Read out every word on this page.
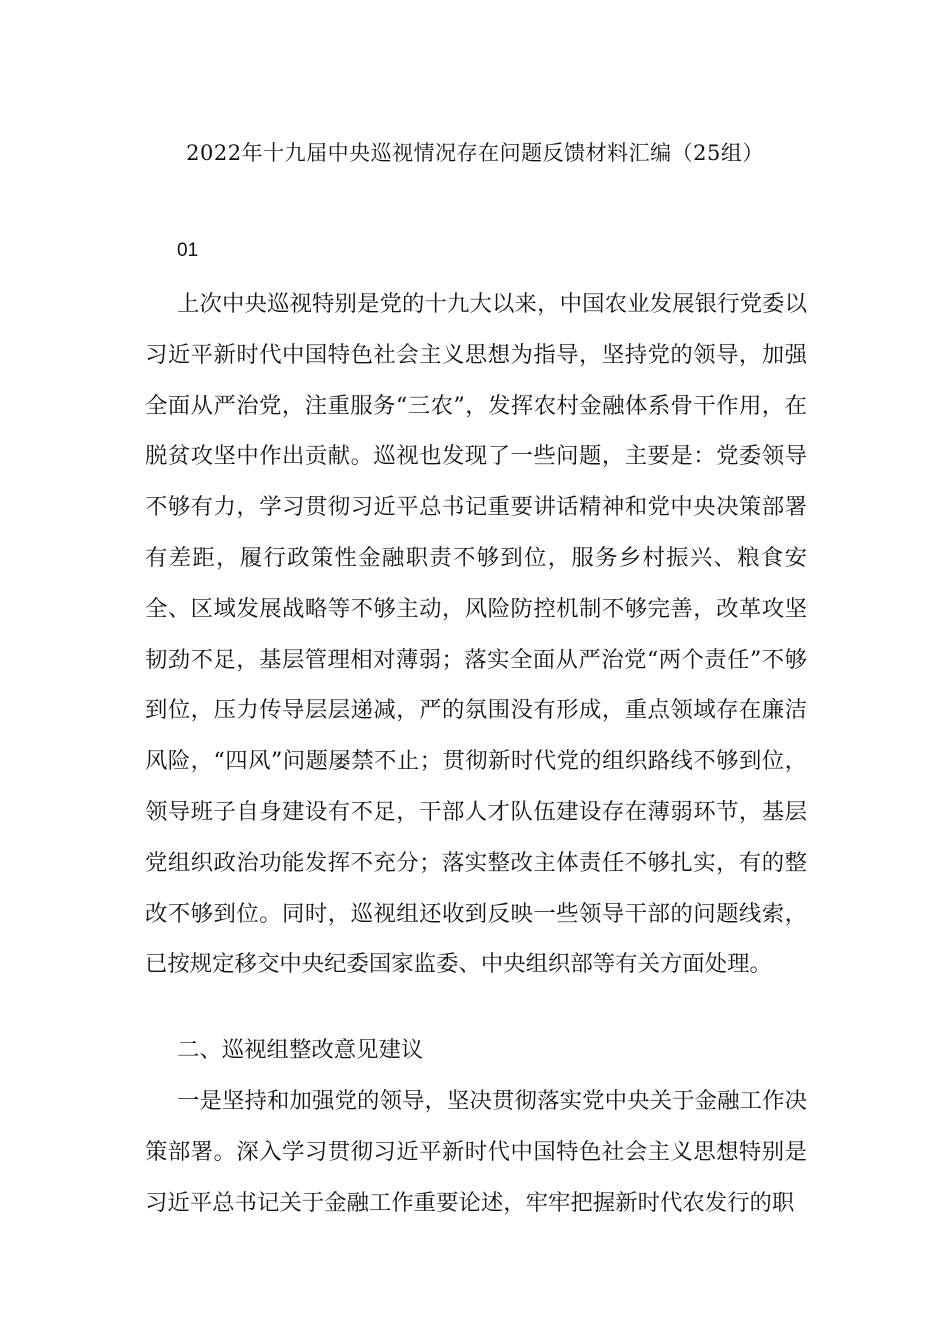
2022年十九届中央巡视情况存在问题反馈材料汇编（25组）
01

上次中央巡视特别是党的十九大以来，中国农业发展银行党委以习近平新时代中国特色社会主义思想为指导，坚持党的领导，加强全面从严治党，注重服务“三农”，发挥农村金融体系骨干作用，在脱贫攻坚中作出贡献。巡视也发现了一些问题，主要是：党委领导不够有力，学习贯彻习近平总书记重要讲话精神和党中央决策部署有差距，履行政策性金融职责不够到位，服务乡村振兴、粮食安全、区域发展战略等不够主动，风险防控机制不够完善，改革攻坚韧劲不足，基层管理相对薄弱；落实全面从严治党“两个责任”不够到位，压力传导层层递减，严的氛围没有形成，重点领域存在廉洁风险，“四风”问题屡禁不止；贯彻新时代党的组织路线不够到位，领导班子自身建设有不足，干部人才队伍建设存在薄弱环节，基层党组织政治功能发挥不充分；落实整改主体责任不够扎实，有的整改不够到位。同时，巡视组还收到反映一些领导干部的问题线索，已按规定移交中央纪委国家监委、中央组织部等有关方面处理。

二、巡视组整改意见建议

一是坚持和加强党的领导，坚决贯彻落实党中央关于金融工作决策部署。深入学习贯彻习近平新时代中国特色社会主义思想特别是习近平总书记关于金融工作重要论述，牢牢把握新时代农发行的职
